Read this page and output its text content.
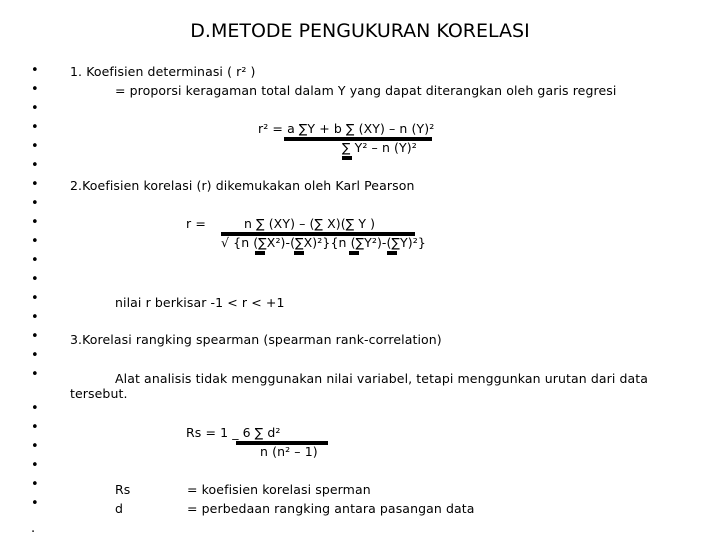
D.METODE PENGUKURAN KORELASI
•
•
•
•
•
•
•
•
•
•
•
•
•
•
•
•
•
•
•
•
•
•
•
.
1. Koefisien determinasi ( r² )
= proporsi keragaman total dalam Y yang dapat diterangkan oleh garis regresi
r² = a ∑Y + b ∑ (XY) – n (Y)²
∑ Y² – n (Y)²
2.Koefisien korelasi (r) dikemukakan oleh Karl Pearson
r =	n ∑ (XY) – (∑ X)(∑ Y )
√ {n (∑X²)-(∑X)²}{n (∑Y²)-(∑Y)²}
nilai r berkisar -1 < r < +1
3.Korelasi rangking spearman (spearman rank-correlation)
Alat analisis tidak menggunakan nilai variabel, tetapi menggunkan urutan dari data
tersebut.
Rs = 1 _ 6 ∑ d²
n (n² – 1)
Rs	= koefisien korelasi sperman
d	= perbedaan rangking antara pasangan data
